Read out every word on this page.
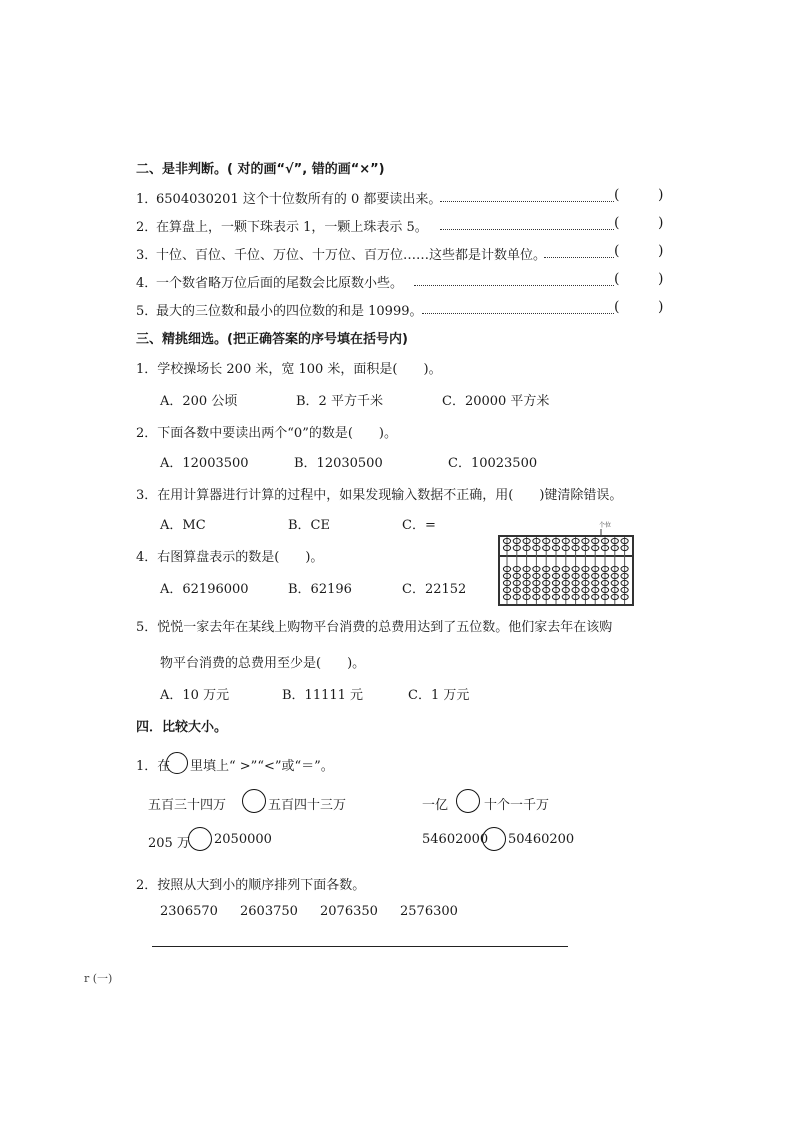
二、是非判断。( 对的画“√”, 错的画“×”)
1．
6504030201 这个十位数所有的 0 都要读出来。	(	)
2．
在算盘上，一颗下珠表示 1，一颗上珠表示 5。	(	)
3．
十位、百位、千位、万位、十万位、百万位……这些都是计数单位。	(	)
4．
一个数省略万位后面的尾数会比原数小些。	(	)
5．
最大的三位数和最小的四位数的和是 10999。	(	)
三、精挑细选。(把正确答案的序号填在括号内)
1．学校操场长 200 米，宽 100 米，面积是(　　)。
A．200 公顷	B．2 平方千米	C．20000 平方米
2．下面各数中要读出两个“0”的数是(　　)。
A．12003500	B．12030500	C．10023500
3．在用计算器进行计算的过程中，如果发现输入数据不正确，用(　　)键清除错误。
A．MC	B．CE	C．=
4．右图算盘表示的数是(　　)。
A．62196000	B．62196	C．22152
个位
5．悦悦一家去年在某线上购物平台消费的总费用达到了五位数。他们家去年在该购
物平台消费的总费用至少是(　　)。
A．10 万元	B．11111 元	C．1 万元
四．比较大小。
1．在 里填上“ >”“<”或“＝”。
五百三十四万	五百四十三万	一亿	十个一千万
205 万 2050000	54602000 50460200
2．按照从大到小的顺序排列下面各数。
2306570 2603750 2076350 2576300
r (一)
